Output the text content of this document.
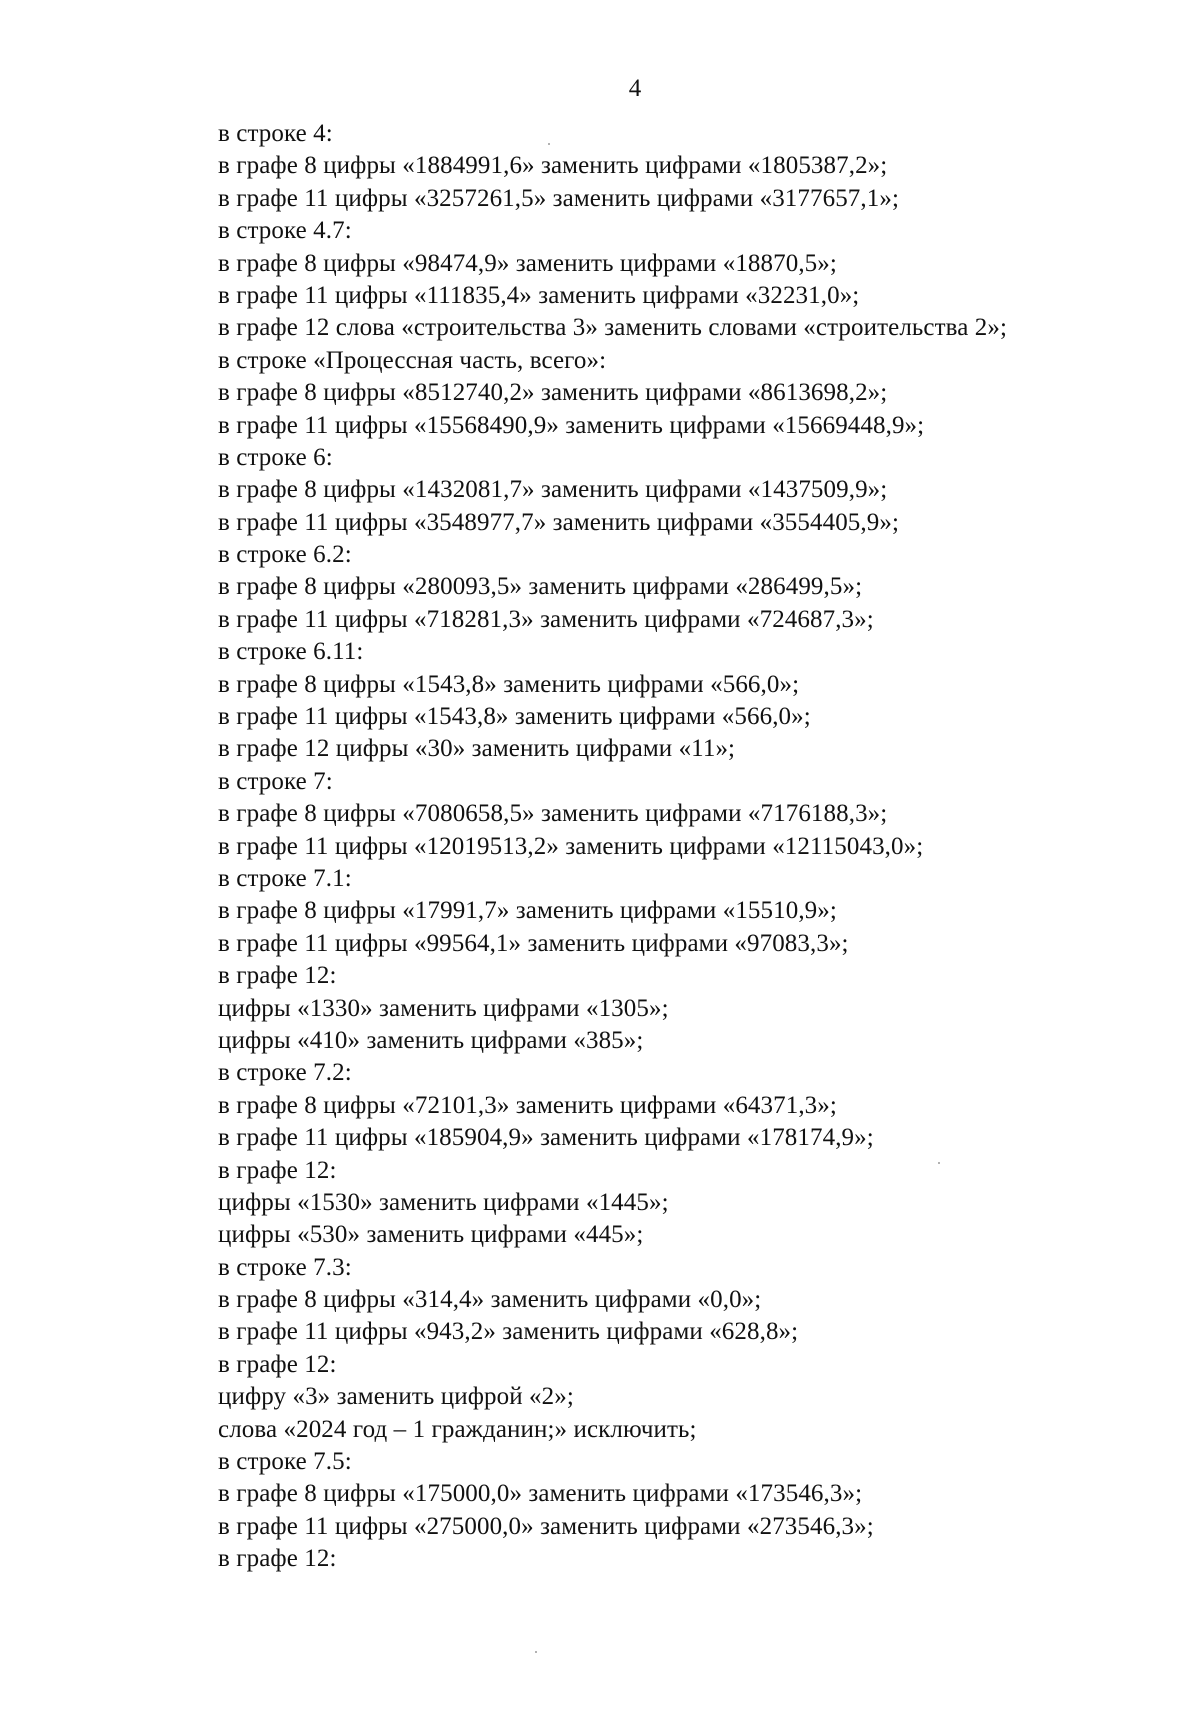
4
в строке 4:
в графе 8 цифры «1884991,6» заменить цифрами «1805387,2»;
в графе 11 цифры «3257261,5» заменить цифрами «3177657,1»;
в строке 4.7:
в графе 8 цифры «98474,9» заменить цифрами «18870,5»;
в графе 11 цифры «111835,4» заменить цифрами «32231,0»;
в графе 12 слова «строительства 3» заменить словами «строительства 2»;
в строке «Процессная часть, всего»:
в графе 8 цифры «8512740,2» заменить цифрами «8613698,2»;
в графе 11 цифры «15568490,9» заменить цифрами «15669448,9»;
в строке 6:
в графе 8 цифры «1432081,7» заменить цифрами «1437509,9»;
в графе 11 цифры «3548977,7» заменить цифрами «3554405,9»;
в строке 6.2:
в графе 8 цифры «280093,5» заменить цифрами «286499,5»;
в графе 11 цифры «718281,3» заменить цифрами «724687,3»;
в строке 6.11:
в графе 8 цифры «1543,8» заменить цифрами «566,0»;
в графе 11 цифры «1543,8» заменить цифрами «566,0»;
в графе 12 цифры «30» заменить цифрами «11»;
в строке 7:
в графе 8 цифры «7080658,5» заменить цифрами «7176188,3»;
в графе 11 цифры «12019513,2» заменить цифрами «12115043,0»;
в строке 7.1:
в графе 8 цифры «17991,7» заменить цифрами «15510,9»;
в графе 11 цифры «99564,1» заменить цифрами «97083,3»;
в графе 12:
цифры «1330» заменить цифрами «1305»;
цифры «410» заменить цифрами «385»;
в строке 7.2:
в графе 8 цифры «72101,3» заменить цифрами «64371,3»;
в графе 11 цифры «185904,9» заменить цифрами «178174,9»;
в графе 12:
цифры «1530» заменить цифрами «1445»;
цифры «530» заменить цифрами «445»;
в строке 7.3:
в графе 8 цифры «314,4» заменить цифрами «0,0»;
в графе 11 цифры «943,2» заменить цифрами «628,8»;
в графе 12:
цифру «3» заменить цифрой «2»;
слова «2024 год – 1 гражданин;» исключить;
в строке 7.5:
в графе 8 цифры «175000,0» заменить цифрами «173546,3»;
в графе 11 цифры «275000,0» заменить цифрами «273546,3»;
в графе 12:
